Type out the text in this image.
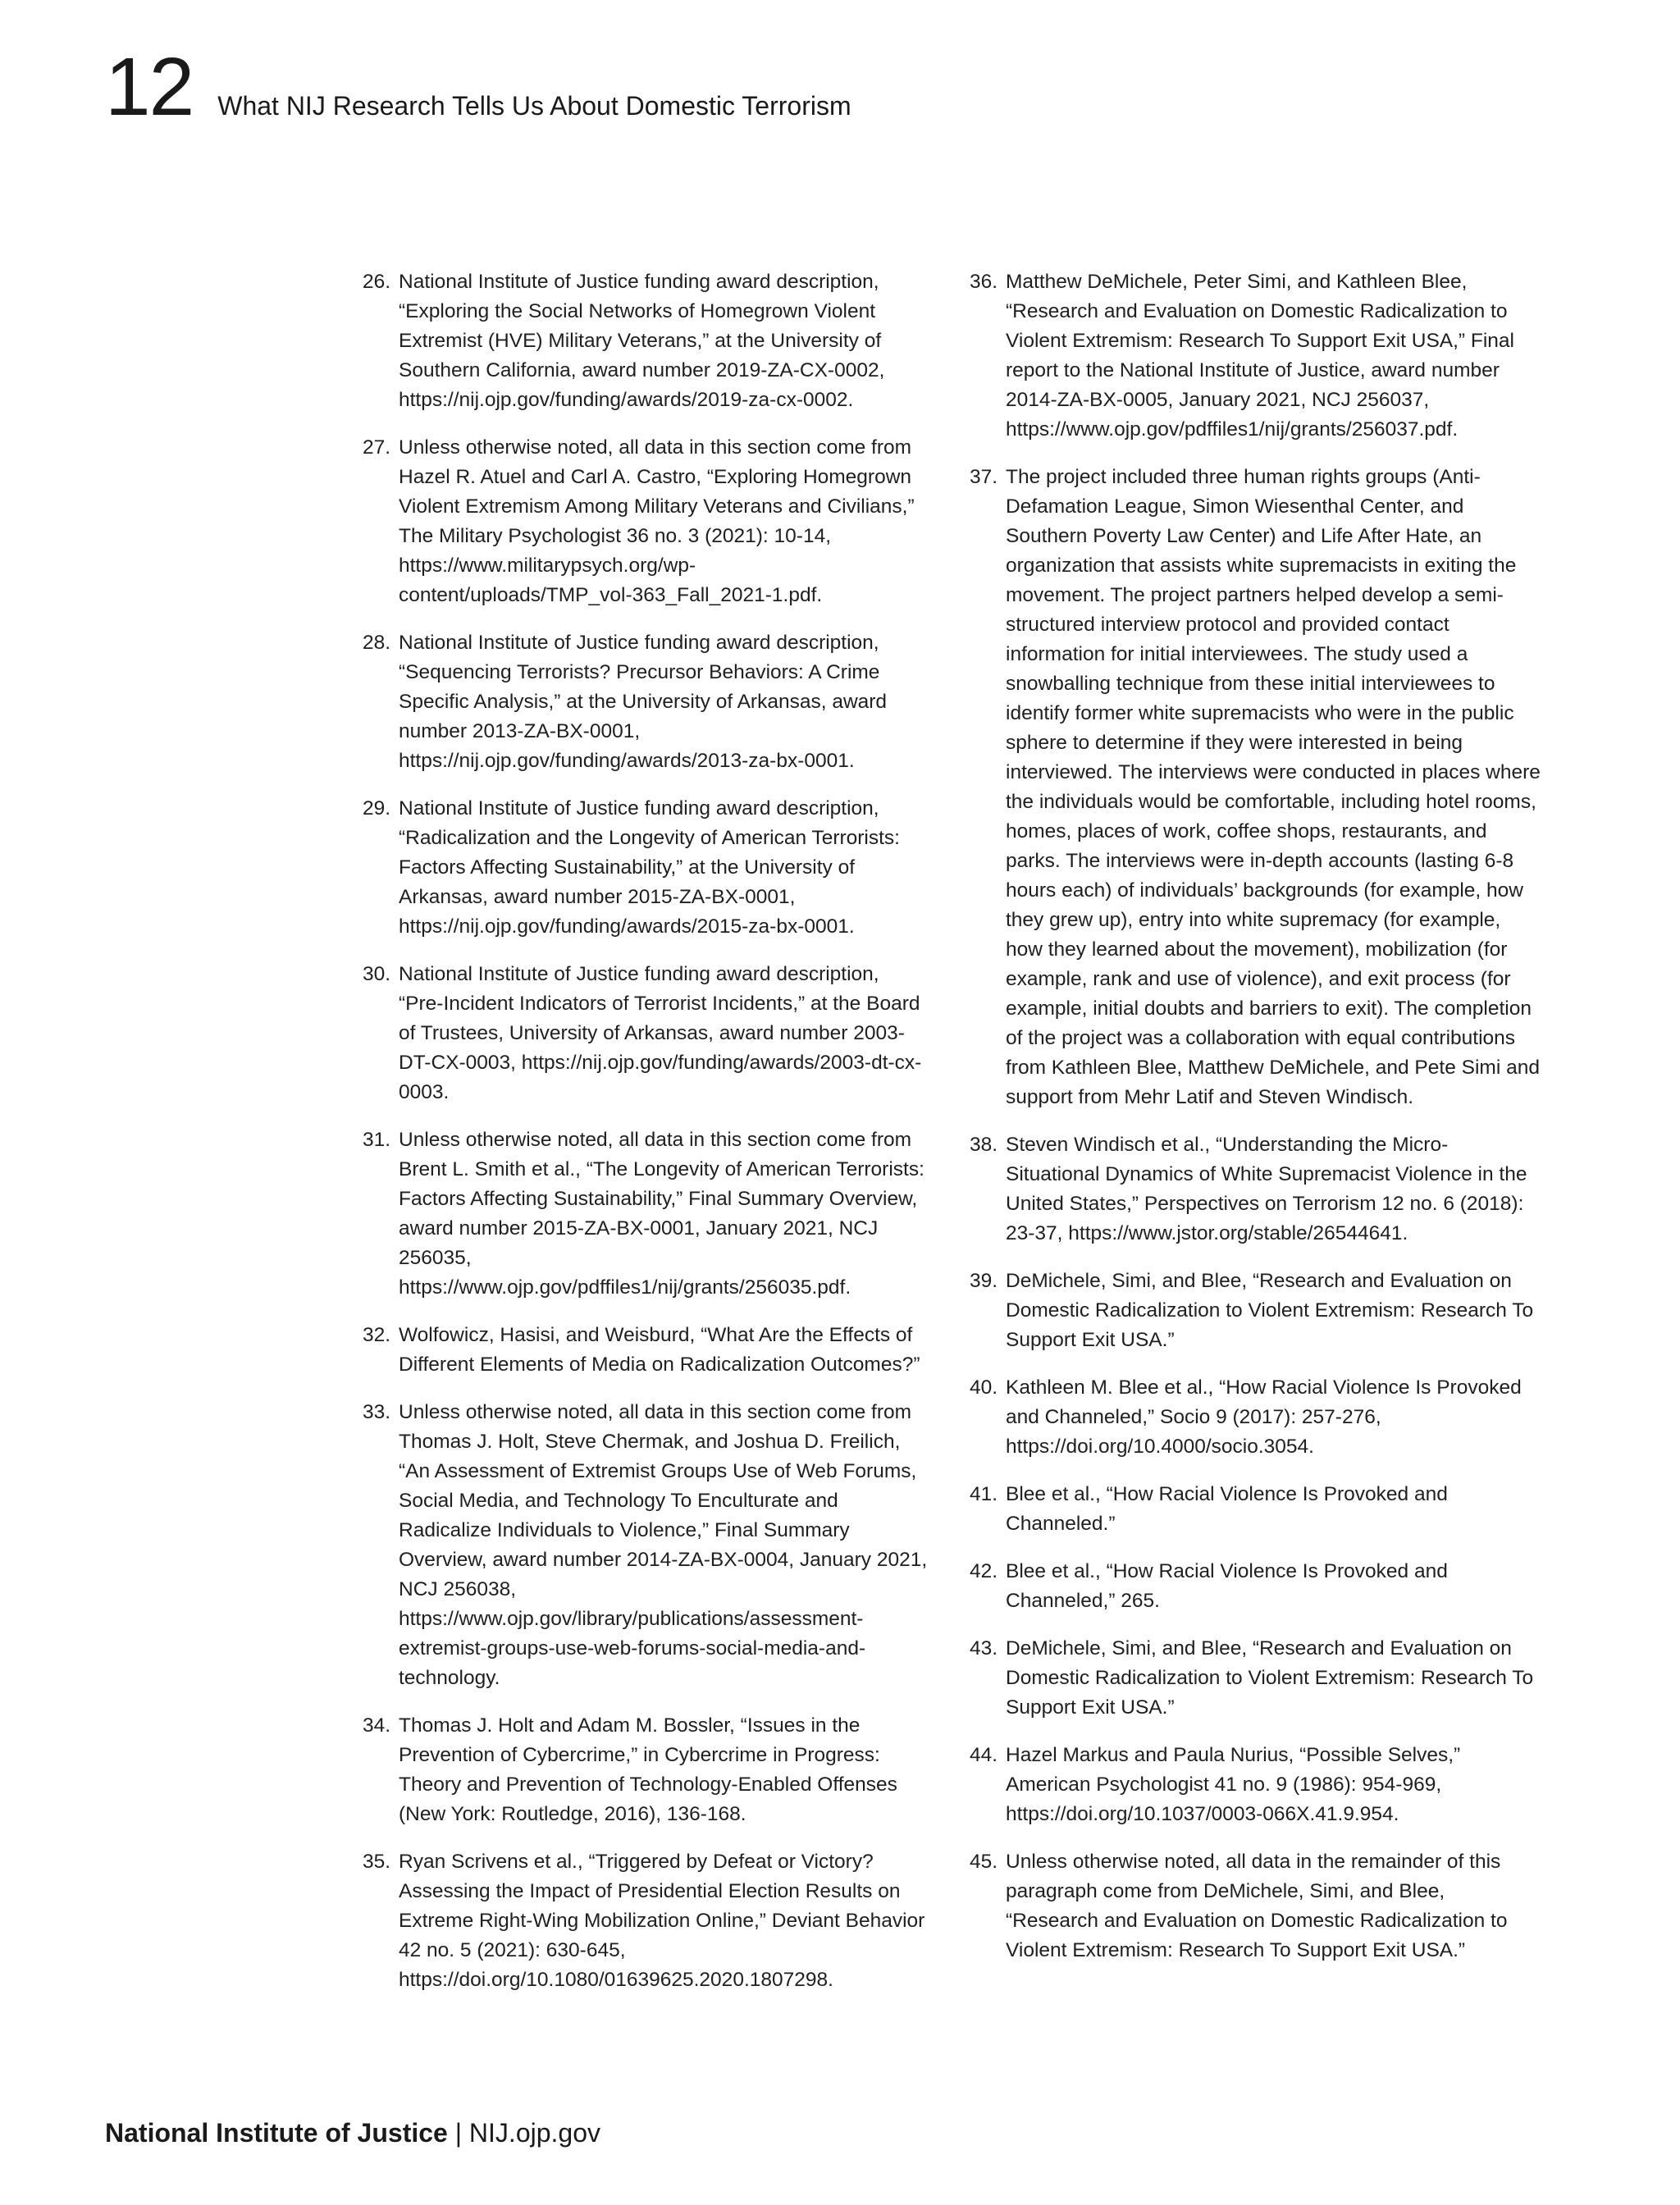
12 What NIJ Research Tells Us About Domestic Terrorism
26. National Institute of Justice funding award description, “Exploring the Social Networks of Homegrown Violent Extremist (HVE) Military Veterans,” at the University of Southern California, award number 2019-ZA-CX-0002, https://nij.ojp.gov/funding/awards/2019-za-cx-0002.
27. Unless otherwise noted, all data in this section come from Hazel R. Atuel and Carl A. Castro, “Exploring Homegrown Violent Extremism Among Military Veterans and Civilians,” The Military Psychologist 36 no. 3 (2021): 10-14, https://www.militarypsych.org/wp-content/uploads/TMP_vol-363_Fall_2021-1.pdf.
28. National Institute of Justice funding award description, “Sequencing Terrorists? Precursor Behaviors: A Crime Specific Analysis,” at the University of Arkansas, award number 2013-ZA-BX-0001, https://nij.ojp.gov/funding/awards/2013-za-bx-0001.
29. National Institute of Justice funding award description, “Radicalization and the Longevity of American Terrorists: Factors Affecting Sustainability,” at the University of Arkansas, award number 2015-ZA-BX-0001, https://nij.ojp.gov/funding/awards/2015-za-bx-0001.
30. National Institute of Justice funding award description, “Pre-Incident Indicators of Terrorist Incidents,” at the Board of Trustees, University of Arkansas, award number 2003-DT-CX-0003, https://nij.ojp.gov/funding/awards/2003-dt-cx-0003.
31. Unless otherwise noted, all data in this section come from Brent L. Smith et al., “The Longevity of American Terrorists: Factors Affecting Sustainability,” Final Summary Overview, award number 2015-ZA-BX-0001, January 2021, NCJ 256035, https://www.ojp.gov/pdffiles1/nij/grants/256035.pdf.
32. Wolfowicz, Hasisi, and Weisburd, “What Are the Effects of Different Elements of Media on Radicalization Outcomes?”
33. Unless otherwise noted, all data in this section come from Thomas J. Holt, Steve Chermak, and Joshua D. Freilich, “An Assessment of Extremist Groups Use of Web Forums, Social Media, and Technology To Enculturate and Radicalize Individuals to Violence,” Final Summary Overview, award number 2014-ZA-BX-0004, January 2021, NCJ 256038, https://www.ojp.gov/library/publications/assessment-extremist-groups-use-web-forums-social-media-and-technology.
34. Thomas J. Holt and Adam M. Bossler, “Issues in the Prevention of Cybercrime,” in Cybercrime in Progress: Theory and Prevention of Technology-Enabled Offenses (New York: Routledge, 2016), 136-168.
35. Ryan Scrivens et al., “Triggered by Defeat or Victory? Assessing the Impact of Presidential Election Results on Extreme Right-Wing Mobilization Online,” Deviant Behavior 42 no. 5 (2021): 630-645, https://doi.org/10.1080/01639625.2020.1807298.
36. Matthew DeMichele, Peter Simi, and Kathleen Blee, “Research and Evaluation on Domestic Radicalization to Violent Extremism: Research To Support Exit USA,” Final report to the National Institute of Justice, award number 2014-ZA-BX-0005, January 2021, NCJ 256037, https://www.ojp.gov/pdffiles1/nij/grants/256037.pdf.
37. The project included three human rights groups (Anti-Defamation League, Simon Wiesenthal Center, and Southern Poverty Law Center) and Life After Hate, an organization that assists white supremacists in exiting the movement. The project partners helped develop a semi-structured interview protocol and provided contact information for initial interviewees. The study used a snowballing technique from these initial interviewees to identify former white supremacists who were in the public sphere to determine if they were interested in being interviewed. The interviews were conducted in places where the individuals would be comfortable, including hotel rooms, homes, places of work, coffee shops, restaurants, and parks. The interviews were in-depth accounts (lasting 6-8 hours each) of individuals’ backgrounds (for example, how they grew up), entry into white supremacy (for example, how they learned about the movement), mobilization (for example, rank and use of violence), and exit process (for example, initial doubts and barriers to exit). The completion of the project was a collaboration with equal contributions from Kathleen Blee, Matthew DeMichele, and Pete Simi and support from Mehr Latif and Steven Windisch.
38. Steven Windisch et al., “Understanding the Micro-Situational Dynamics of White Supremacist Violence in the United States,” Perspectives on Terrorism 12 no. 6 (2018): 23-37, https://www.jstor.org/stable/26544641.
39. DeMichele, Simi, and Blee, “Research and Evaluation on Domestic Radicalization to Violent Extremism: Research To Support Exit USA.”
40. Kathleen M. Blee et al., “How Racial Violence Is Provoked and Channeled,” Socio 9 (2017): 257-276, https://doi.org/10.4000/socio.3054.
41. Blee et al., “How Racial Violence Is Provoked and Channeled.”
42. Blee et al., “How Racial Violence Is Provoked and Channeled,” 265.
43. DeMichele, Simi, and Blee, “Research and Evaluation on Domestic Radicalization to Violent Extremism: Research To Support Exit USA.”
44. Hazel Markus and Paula Nurius, “Possible Selves,” American Psychologist 41 no. 9 (1986): 954-969, https://doi.org/10.1037/0003-066X.41.9.954.
45. Unless otherwise noted, all data in the remainder of this paragraph come from DeMichele, Simi, and Blee, “Research and Evaluation on Domestic Radicalization to Violent Extremism: Research To Support Exit USA.”
National Institute of Justice | NIJ.ojp.gov
